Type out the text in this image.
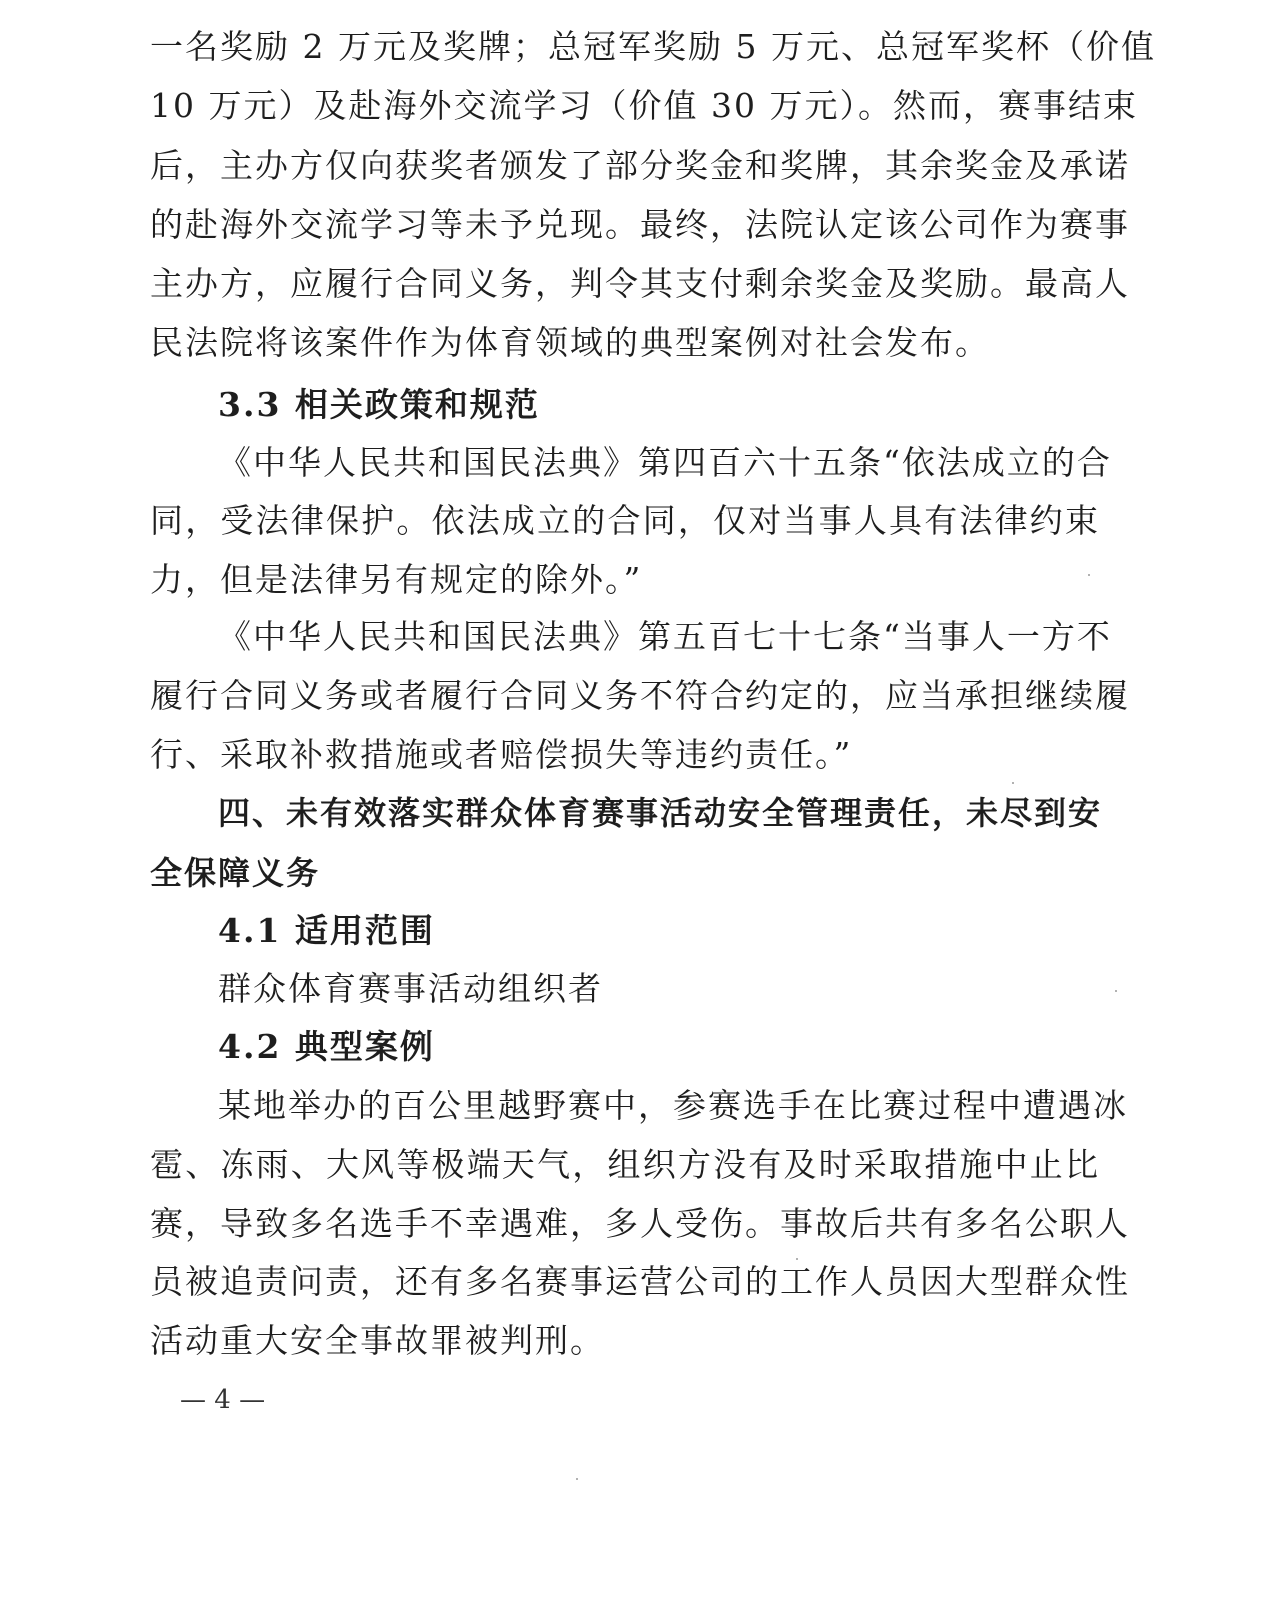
一名奖励 2 万元及奖牌；总冠军奖励 5 万元、总冠军奖杯（价值
10 万元）及赴海外交流学习（价值 30 万元）。然而，赛事结束
后，主办方仅向获奖者颁发了部分奖金和奖牌，其余奖金及承诺
的赴海外交流学习等未予兑现。最终，法院认定该公司作为赛事
主办方，应履行合同义务，判令其支付剩余奖金及奖励。最高人
民法院将该案件作为体育领域的典型案例对社会发布。
3.3 相关政策和规范
《中华人民共和国民法典》第四百六十五条“依法成立的合
同，受法律保护。依法成立的合同，仅对当事人具有法律约束
力，但是法律另有规定的除外。”
《中华人民共和国民法典》第五百七十七条“当事人一方不
履行合同义务或者履行合同义务不符合约定的，应当承担继续履
行、采取补救措施或者赔偿损失等违约责任。”
四、未有效落实群众体育赛事活动安全管理责任，未尽到安
全保障义务
4.1 适用范围
群众体育赛事活动组织者
4.2 典型案例
某地举办的百公里越野赛中，参赛选手在比赛过程中遭遇冰
雹、冻雨、大风等极端天气，组织方没有及时采取措施中止比
赛，导致多名选手不幸遇难，多人受伤。事故后共有多名公职人
员被追责问责，还有多名赛事运营公司的工作人员因大型群众性
活动重大安全事故罪被判刑。
— 4 —
